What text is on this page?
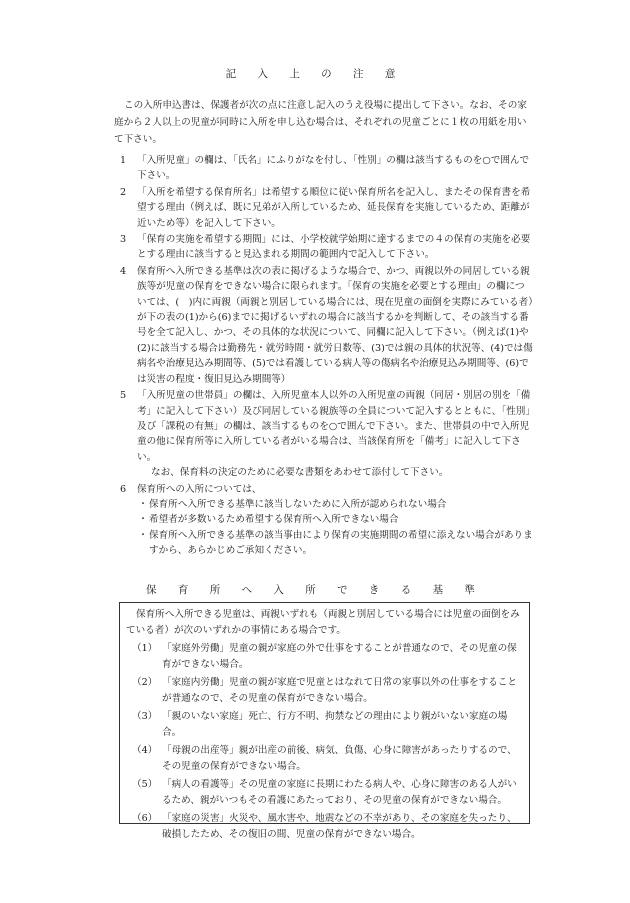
記 入 上 の 注 意
この入所申込書は、保護者が次の点に注意し記入のうえ役場に提出して下さい。なお、その家庭から２人以上の児童が同時に入所を申し込む場合は、それぞれの児童ごとに１枚の用紙を用いて下さい。
1	「入所児童」の欄は、「氏名」にふりがなを付し、「性別」の欄は該当するものを○で囲んで下さい。
2	「入所を希望する保育所名」は希望する順位に従い保育所名を記入し、またその保育書を希望する理由（例えば、既に兄弟が入所しているため、延長保育を実施しているため、距離が近いため等）を記入して下さい。
3	「保育の実施を希望する期間」には、小学校就学始期に達するまでの４の保育の実施を必要とする理由に該当すると見込まれる期間の範囲内で記入して下さい。
4	保育所へ入所できる基準は次の表に掲げるような場合で、かつ、両親以外の同居している親族等が児童の保育をできない場合に限られます。「保育の実施を必要とする理由」の欄については、(　)内に両親（両親と別居している場合には、現在児童の面倒を実際にみている者）が下の表の(1)から(6)までに掲げるいずれの場合に該当するかを判断して、その該当する番号を全て記入し、かつ、その具体的な状況について、同欄に記入して下さい。（例えば(1)や(2)に該当する場合は勤務先・就労時間・就労日数等、(3)では親の具体的状況等、(4)では傷病名や治療見込み期間等、(5)では看護している病人等の傷病名や治療見込み期間等、(6)では災害の程度・復旧見込み期間等）
5	「入所児童の世帯員」の欄は、入所児童本人以外の入所児童の両親（同居・別居の別を「備考」に記入して下さい）及び同居している親族等の全員について記入するとともに、「性別」及び「課税の有無」の欄は、該当するものを○で囲んで下さい。また、世帯員の中で入所児童の他に保育所等に入所している者がいる場合は、当該保育所を「備考」に記入して下さい。
なお、保育料の決定のために必要な書類をあわせて添付して下さい。
6	保育所への入所については、
・ 保育所へ入所できる基準に該当しないために入所が認められない場合
・ 希望者が多数いるため希望する保育所へ入所できない場合
・ 保育所へ入所できる基準の該当事由により保育の実施期間の希望に添えない場合がありますから、あらかじめご承知ください。
保 育 所 へ 入 所 で き る 基 準
保育所へ入所できる児童は、両親いずれも（両親と別居している場合には児童の面倒をみている者）が次のいずれかの事情にある場合です。
（1） 「家庭外労働」児童の親が家庭の外で仕事をすることが普通なので、その児童の保育ができない場合。
（2） 「家庭内労働」児童の親が家庭で児童とはなれて日常の家事以外の仕事をすることが普通なので、その児童の保育ができない場合。
（3） 「親のいない家庭」死亡、行方不明、拘禁などの理由により親がいない家庭の場合。
（4） 「母親の出産等」親が出産の前後、病気、負傷、心身に障害があったりするので、その児童の保育ができない場合。
（5） 「病人の看護等」その児童の家庭に長期にわたる病人や、心身に障害のある人がいるため、親がいつもその看護にあたっており、その児童の保育ができない場合。
（6） 「家庭の災害」火災や、風水害や、地震などの不幸があり、その家庭を失ったり、破損したため、その復旧の間、児童の保育ができない場合。
